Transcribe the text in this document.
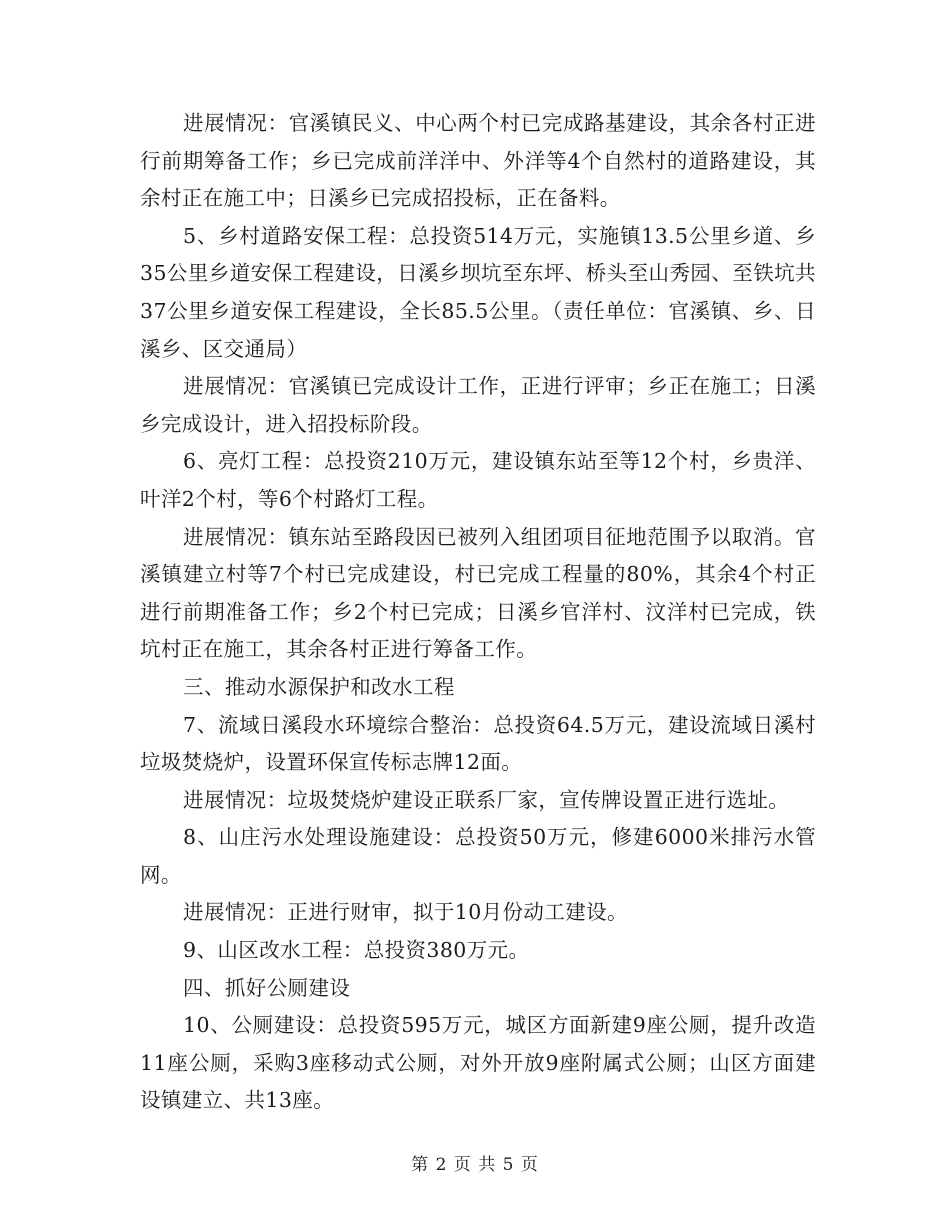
进展情况：官溪镇民义、中心两个村已完成路基建设，其余各村正进行前期筹备工作；乡已完成前洋洋中、外洋等4个自然村的道路建设，其余村正在施工中；日溪乡已完成招投标，正在备料。

5、乡村道路安保工程：总投资514万元，实施镇13.5公里乡道、乡35公里乡道安保工程建设，日溪乡坝坑至东坪、桥头至山秀园、至铁坑共37公里乡道安保工程建设，全长85.5公里。（责任单位：官溪镇、乡、日溪乡、区交通局）

进展情况：官溪镇已完成设计工作，正进行评审；乡正在施工；日溪乡完成设计，进入招投标阶段。

6、亮灯工程：总投资210万元，建设镇东站至等12个村，乡贵洋、叶洋2个村，等6个村路灯工程。

进展情况：镇东站至路段因已被列入组团项目征地范围予以取消。官溪镇建立村等7个村已完成建设，村已完成工程量的80%，其余4个村正进行前期准备工作；乡2个村已完成；日溪乡官洋村、汶洋村已完成，铁坑村正在施工，其余各村正进行筹备工作。

三、推动水源保护和改水工程

7、流域日溪段水环境综合整治：总投资64.5万元，建设流域日溪村垃圾焚烧炉，设置环保宣传标志牌12面。

进展情况：垃圾焚烧炉建设正联系厂家，宣传牌设置正进行选址。

8、山庄污水处理设施建设：总投资50万元，修建6000米排污水管网。

进展情况：正进行财审，拟于10月份动工建设。

9、山区改水工程：总投资380万元。

四、抓好公厕建设

10、公厕建设：总投资595万元，城区方面新建9座公厕，提升改造11座公厕，采购3座移动式公厕，对外开放9座附属式公厕；山区方面建设镇建立、共13座。

第 2 页 共 5 页
